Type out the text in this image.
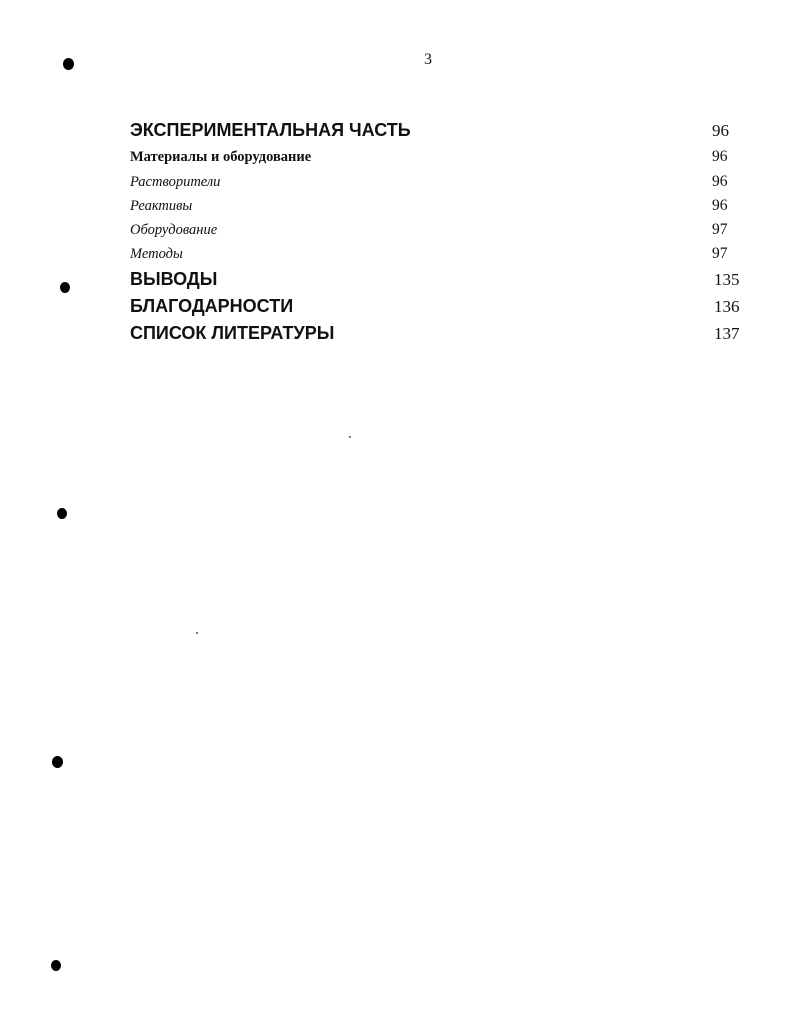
3
ЭКСПЕРИМЕНТАЛЬНАЯ ЧАСТЬ	96
Материалы и оборудование	96
Растворители	96
Реактивы	96
Оборудование	97
Методы	97
ВЫВОДЫ	135
БЛАГОДАРНОСТИ	136
СПИСОК ЛИТЕРАТУРЫ	137
